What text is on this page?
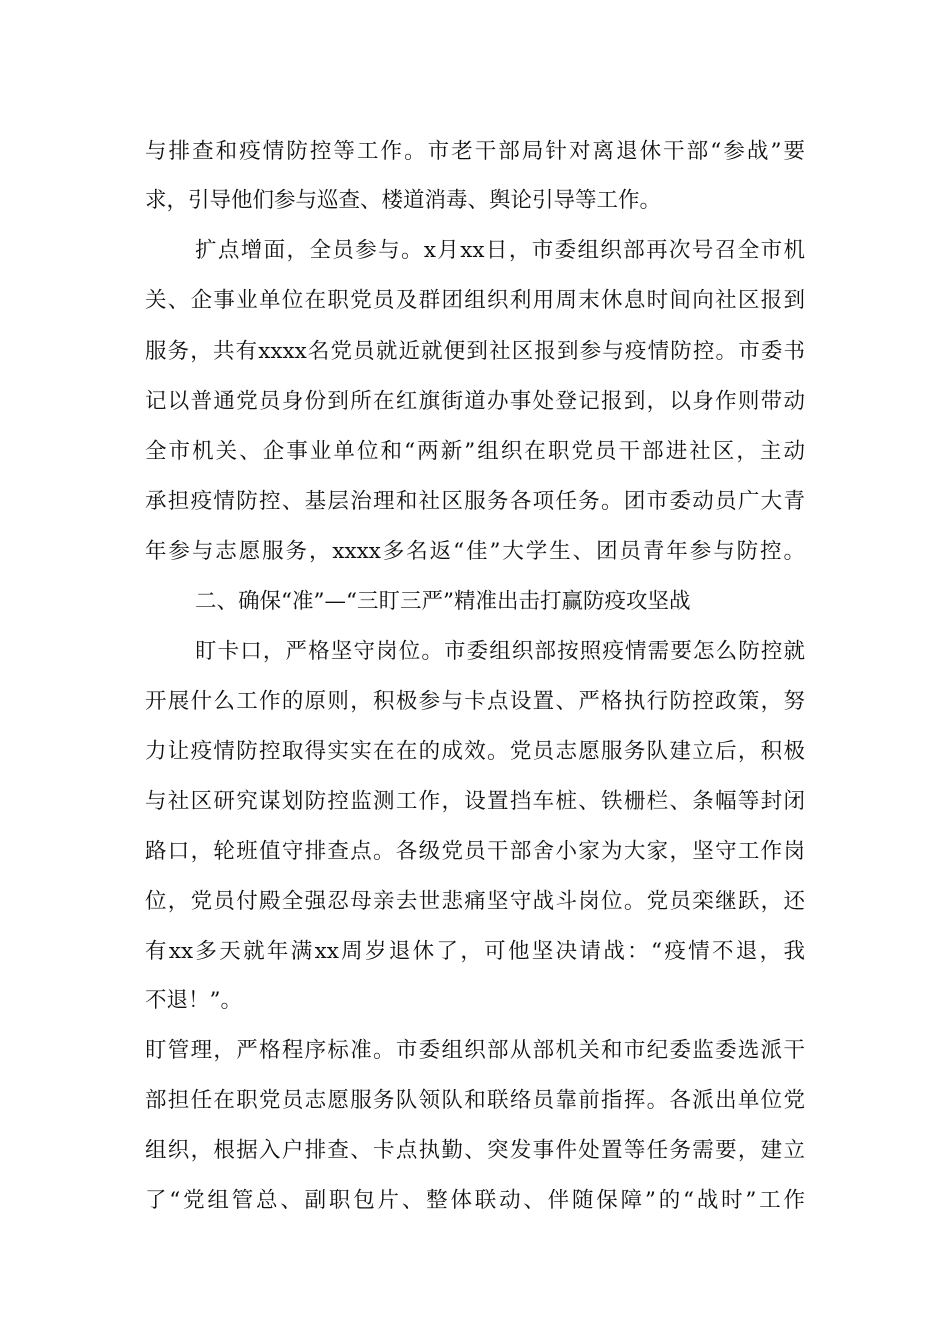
与排查和疫情防控等工作。市老干部局针对离退休干部“参战”要
求，引导他们参与巡查、楼道消毒、舆论引导等工作。
扩点增面，全员参与。x月xx日，市委组织部再次号召全市机
关、企事业单位在职党员及群团组织利用周末休息时间向社区报到
服务，共有xxxx名党员就近就便到社区报到参与疫情防控。市委书
记以普通党员身份到所在红旗街道办事处登记报到，以身作则带动
全市机关、企事业单位和“两新”组织在职党员干部进社区，主动
承担疫情防控、基层治理和社区服务各项任务。团市委动员广大青
年参与志愿服务，xxxx多名返“佳”大学生、团员青年参与防控。
二、确保“准”—“三盯三严”精准出击打赢防疫攻坚战
盯卡口，严格坚守岗位。市委组织部按照疫情需要怎么防控就
开展什么工作的原则，积极参与卡点设置、严格执行防控政策，努
力让疫情防控取得实实在在的成效。党员志愿服务队建立后，积极
与社区研究谋划防控监测工作，设置挡车桩、铁栅栏、条幅等封闭
路口，轮班值守排查点。各级党员干部舍小家为大家，坚守工作岗
位，党员付殿全强忍母亲去世悲痛坚守战斗岗位。党员栾继跃，还
有xx多天就年满xx周岁退休了，可他坚决请战：“疫情不退，我
不退！”。
盯管理，严格程序标准。市委组织部从部机关和市纪委监委选派干
部担任在职党员志愿服务队领队和联络员靠前指挥。各派出单位党
组织，根据入户排查、卡点执勤、突发事件处置等任务需要，建立
了“党组管总、副职包片、整体联动、伴随保障”的“战时”工作
